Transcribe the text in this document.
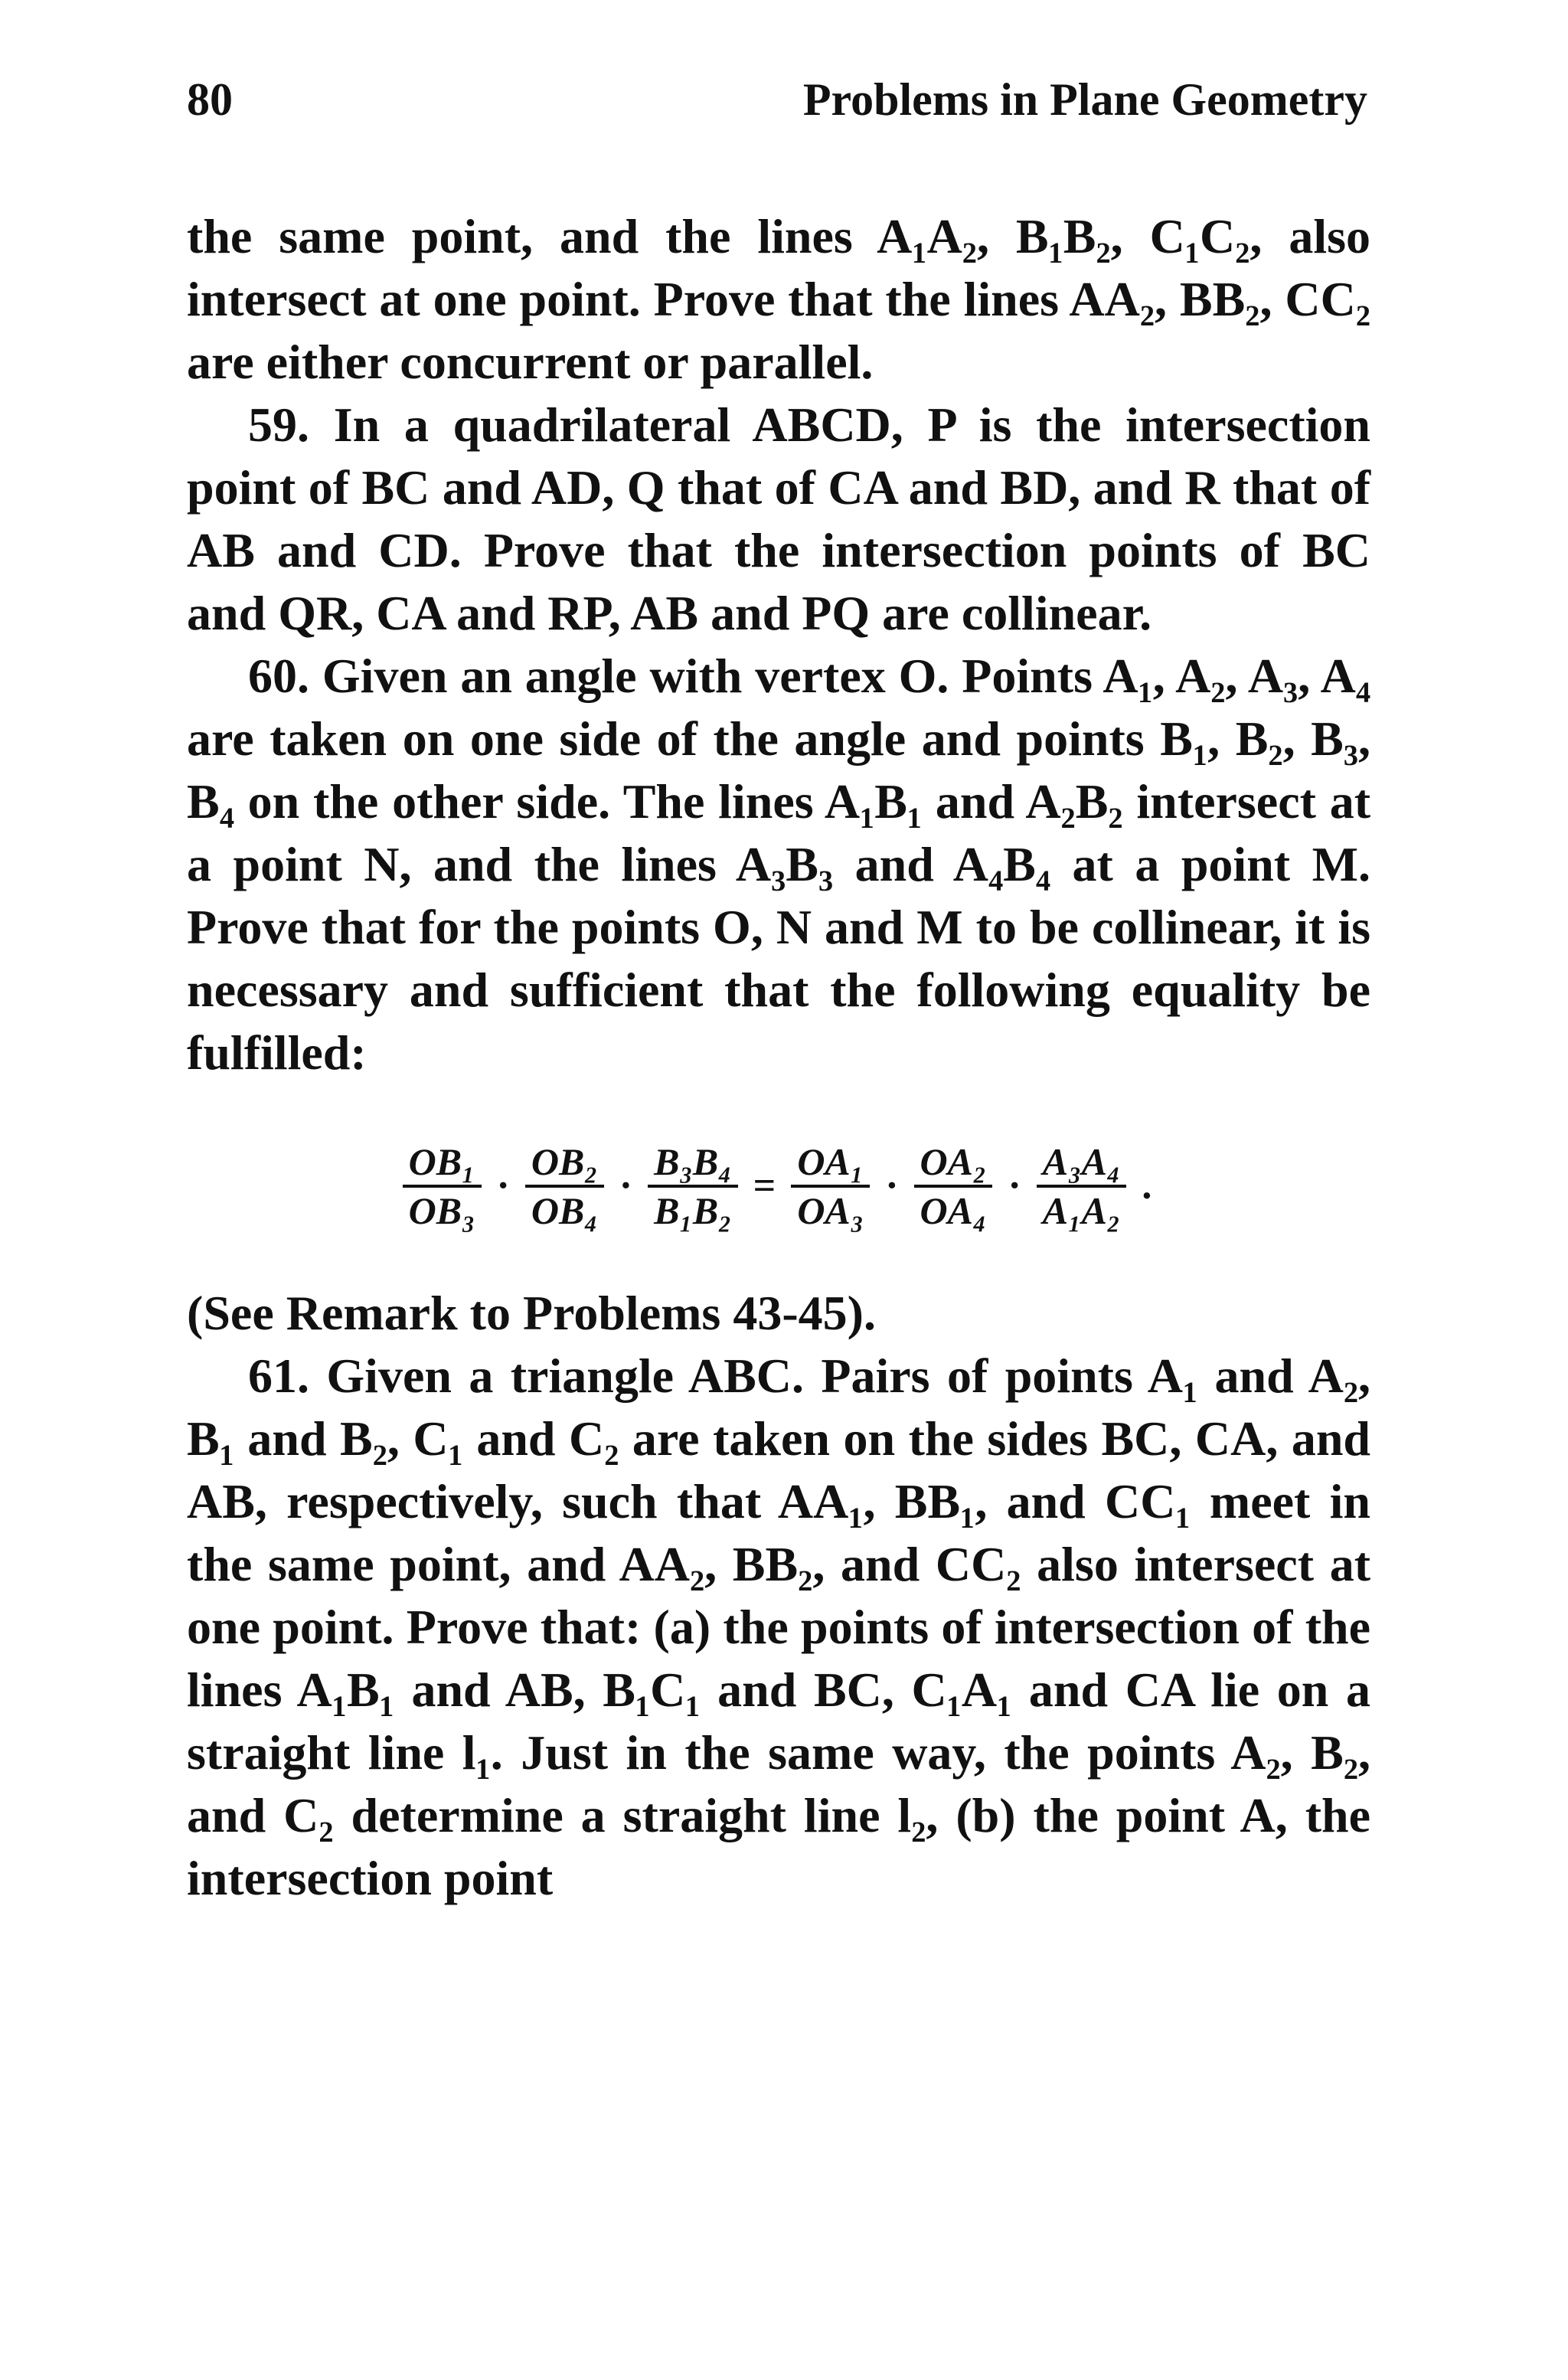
80	Problems in Plane Geometry

the same point, and the lines A₁A₂, B₁B₂, C₁C₂, also intersect at one point. Prove that the lines AA₂, BB₂, CC₂ are either concurrent or parallel.

59. In a quadrilateral ABCD, P is the intersection point of BC and AD, Q that of CA and BD, and R that of AB and CD. Prove that the intersection points of BC and QR, CA and RP, AB and PQ are collinear.

60. Given an angle with vertex O. Points A₁, A₂, A₃, A₄ are taken on one side of the angle and points B₁, B₂, B₃, B₄ on the other side. The lines A₁B₁ and A₂B₂ intersect at a point N, and the lines A₃B₃ and A₄B₄ at a point M. Prove that for the points O, N and M to be collinear, it is necessary and sufficient that the following equality be fulfilled:

$\frac{\text{OB₁}}{\text{OB₃}} \cdot \frac{\text{OB₂}}{\text{OB₄}} \cdot \frac{\text{B₃B₄}}{\text{B₁B₂}} = \frac{\text{OA₁}}{\text{OA₃}} \cdot \frac{\text{OA₂}}{\text{OA₄}} \cdot \frac{\text{A₃A₄}}{\text{A₁A₂}}$ .

(See Remark to Problems 43-45).

61. Given a triangle ABC. Pairs of points A₁ and A₂, B₁ and B₂, C₁ and C₂ are taken on the sides BC, CA, and AB, respectively, such that AA₁, BB₁, and CC₁ meet in the same point, and AA₂, BB₂, and CC₂ also intersect at one point. Prove that: (a) the points of intersection of the lines A₁B₁ and AB, B₁C₁ and BC, C₁A₁ and CA lie on a straight line l₁. Just in the same way, the points A₂, B₂, and C₂ determine a straight line l₂, (b) the point A, the intersection point
